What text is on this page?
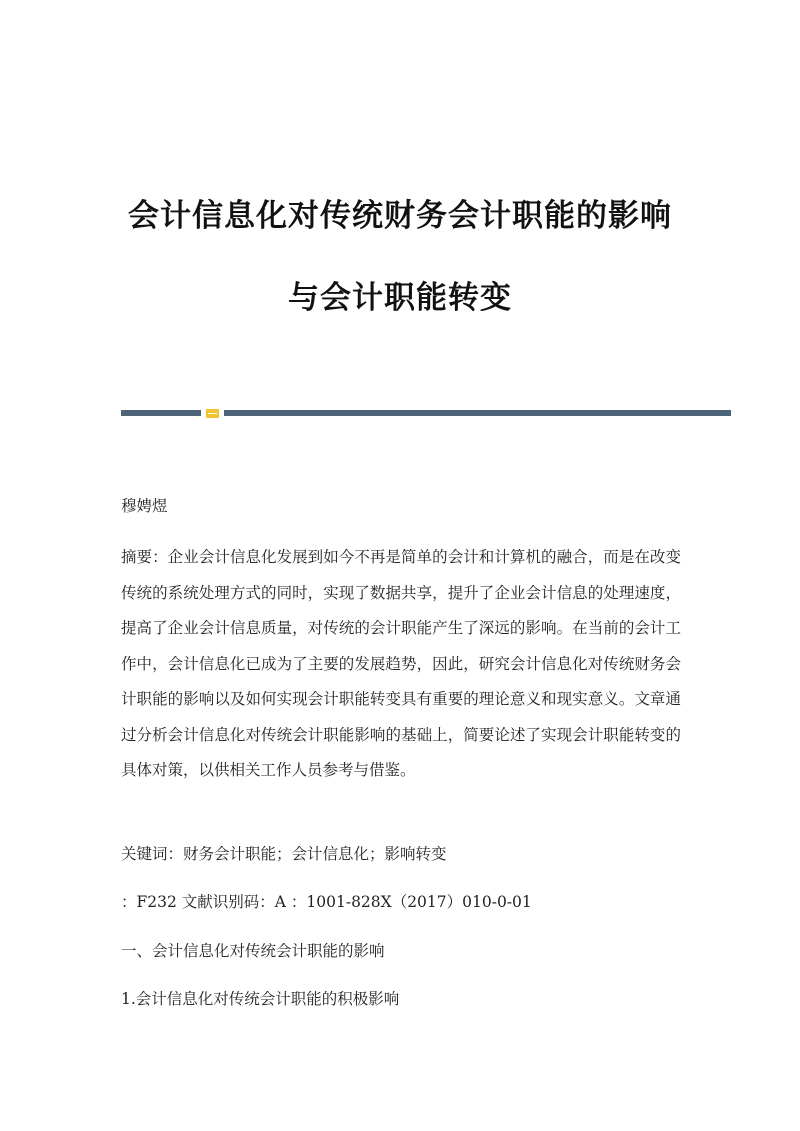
会计信息化对传统财务会计职能的影响
与会计职能转变
穆娉煜
摘要：企业会计信息化发展到如今不再是简单的会计和计算机的融合，而是在改变传统的系统处理方式的同时，实现了数据共享，提升了企业会计信息的处理速度，提高了企业会计信息质量，对传统的会计职能产生了深远的影响。在当前的会计工作中，会计信息化已成为了主要的发展趋势，因此，研究会计信息化对传统财务会计职能的影响以及如何实现会计职能转变具有重要的理论意义和现实意义。文章通过分析会计信息化对传统会计职能影响的基础上，简要论述了实现会计职能转变的具体对策，以供相关工作人员参考与借鉴。
关键词：财务会计职能；会计信息化；影响转变
：F232 文献识别码：A ：1001-828X（2017）010-0-01
一、会计信息化对传统会计职能的影响
1.会计信息化对传统会计职能的积极影响
